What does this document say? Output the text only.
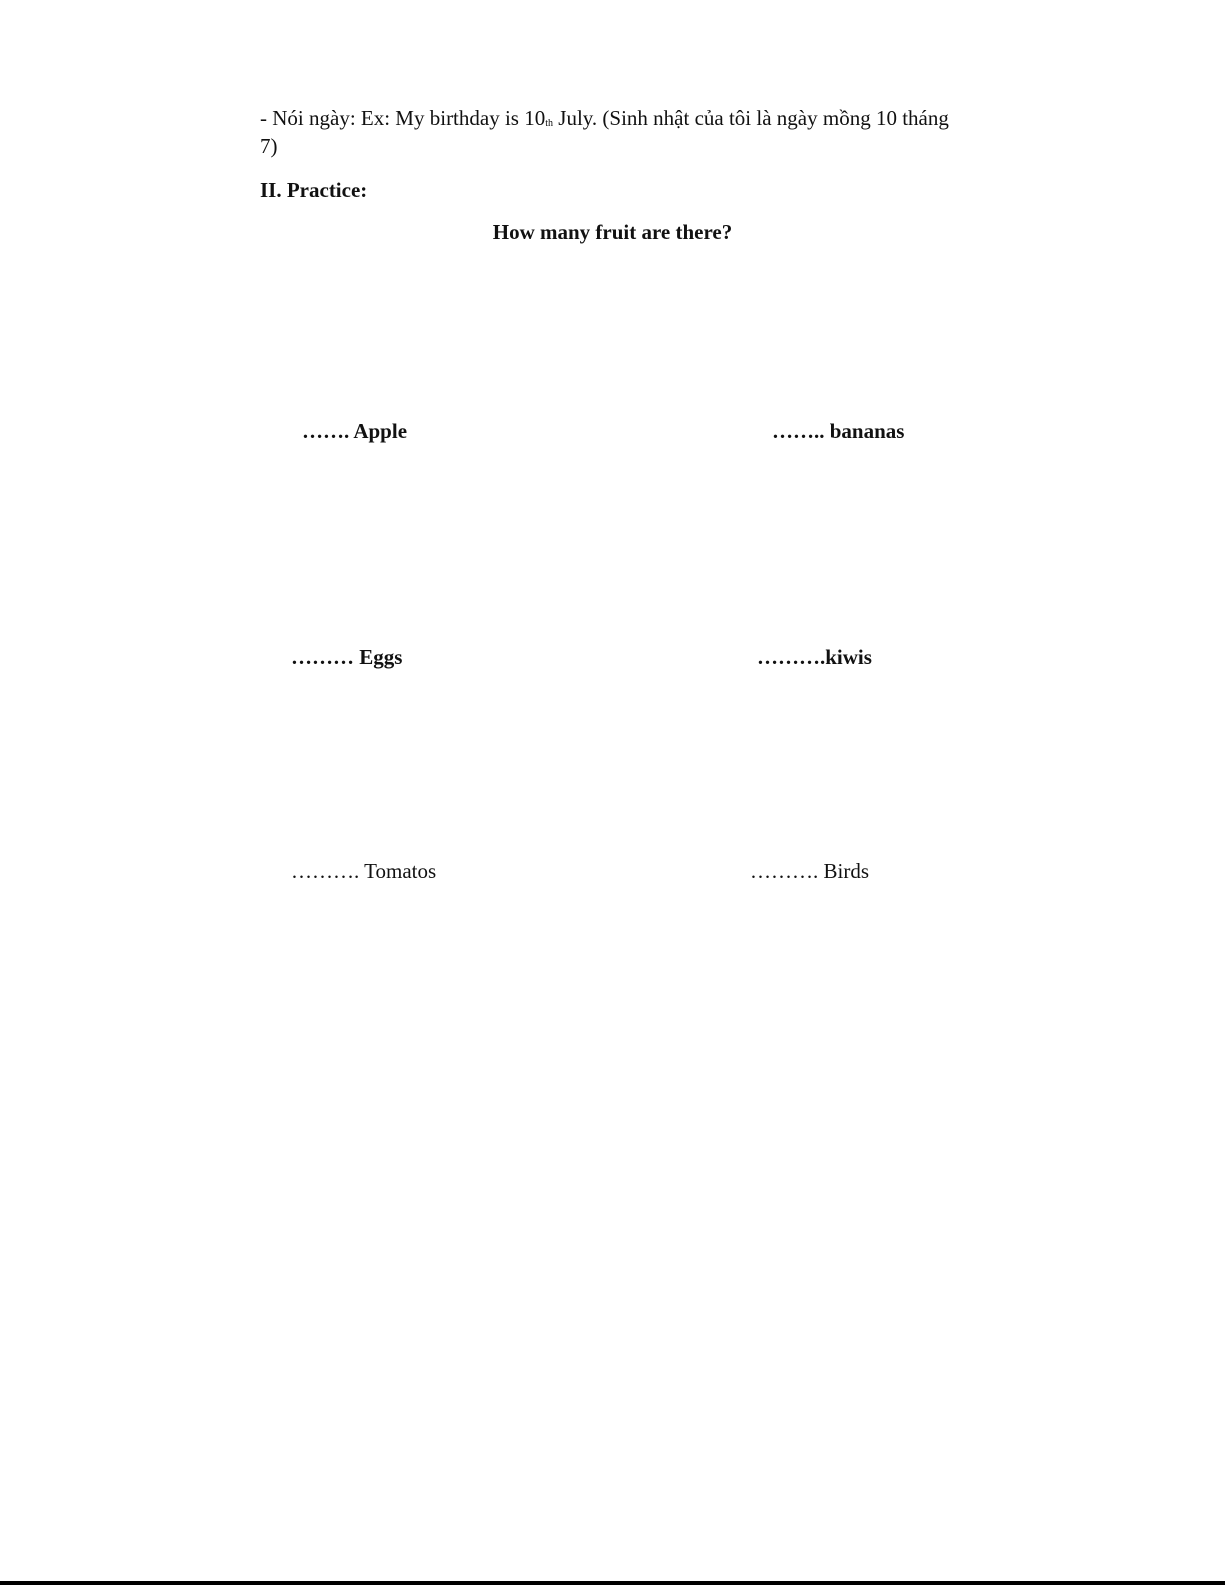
- Nói ngày: Ex: My birthday is 10th July. (Sinh nhật của tôi là ngày mồng 10 tháng
7)
II. Practice:
How many fruit are there?
……. Apple	…….. bananas
……… Eggs	……….kiwis
………. Tomatos	………. Birds
